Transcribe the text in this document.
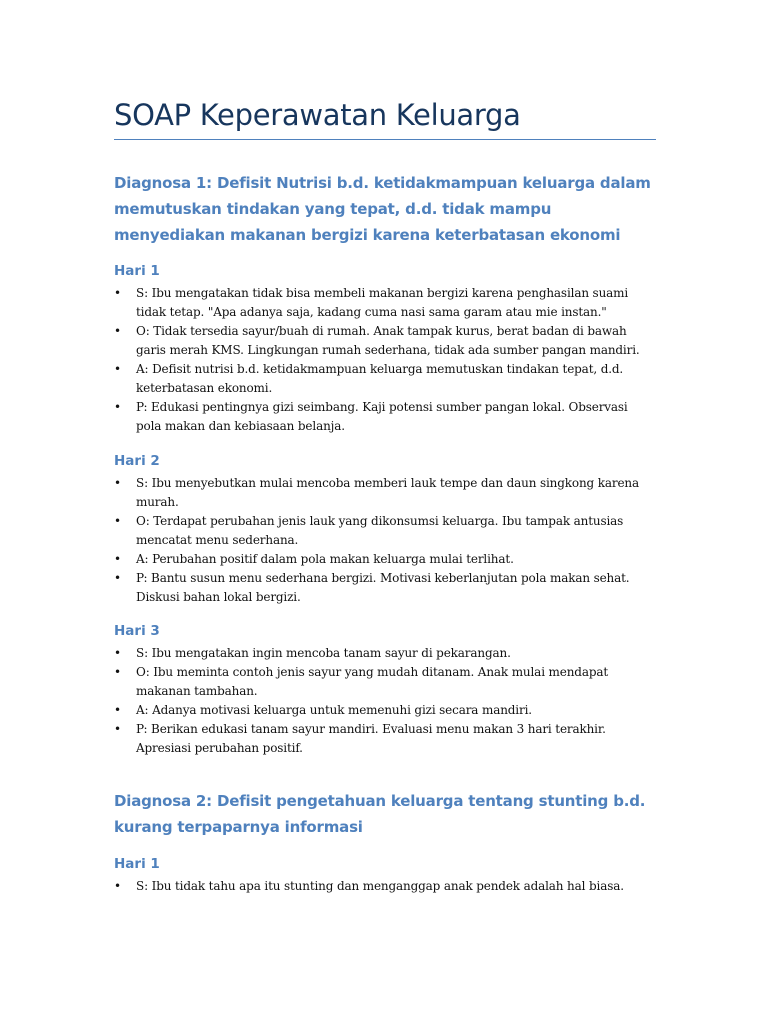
SOAP Keperawatan Keluarga
Diagnosa 1: Defisit Nutrisi b.d. ketidakmampuan keluarga dalam memutuskan tindakan yang tepat, d.d. tidak mampu menyediakan makanan bergizi karena keterbatasan ekonomi
Hari 1
• S: Ibu mengatakan tidak bisa membeli makanan bergizi karena penghasilan suami tidak tetap. "Apa adanya saja, kadang cuma nasi sama garam atau mie instan."
• O: Tidak tersedia sayur/buah di rumah. Anak tampak kurus, berat badan di bawah garis merah KMS. Lingkungan rumah sederhana, tidak ada sumber pangan mandiri.
• A: Defisit nutrisi b.d. ketidakmampuan keluarga memutuskan tindakan tepat, d.d. keterbatasan ekonomi.
• P: Edukasi pentingnya gizi seimbang. Kaji potensi sumber pangan lokal. Observasi pola makan dan kebiasaan belanja.
Hari 2
• S: Ibu menyebutkan mulai mencoba memberi lauk tempe dan daun singkong karena murah.
• O: Terdapat perubahan jenis lauk yang dikonsumsi keluarga. Ibu tampak antusias mencatat menu sederhana.
• A: Perubahan positif dalam pola makan keluarga mulai terlihat.
• P: Bantu susun menu sederhana bergizi. Motivasi keberlanjutan pola makan sehat. Diskusi bahan lokal bergizi.
Hari 3
• S: Ibu mengatakan ingin mencoba tanam sayur di pekarangan.
• O: Ibu meminta contoh jenis sayur yang mudah ditanam. Anak mulai mendapat makanan tambahan.
• A: Adanya motivasi keluarga untuk memenuhi gizi secara mandiri.
• P: Berikan edukasi tanam sayur mandiri. Evaluasi menu makan 3 hari terakhir. Apresiasi perubahan positif.
Diagnosa 2: Defisit pengetahuan keluarga tentang stunting b.d. kurang terpaparnya informasi
Hari 1
• S: Ibu tidak tahu apa itu stunting dan menganggap anak pendek adalah hal biasa.
